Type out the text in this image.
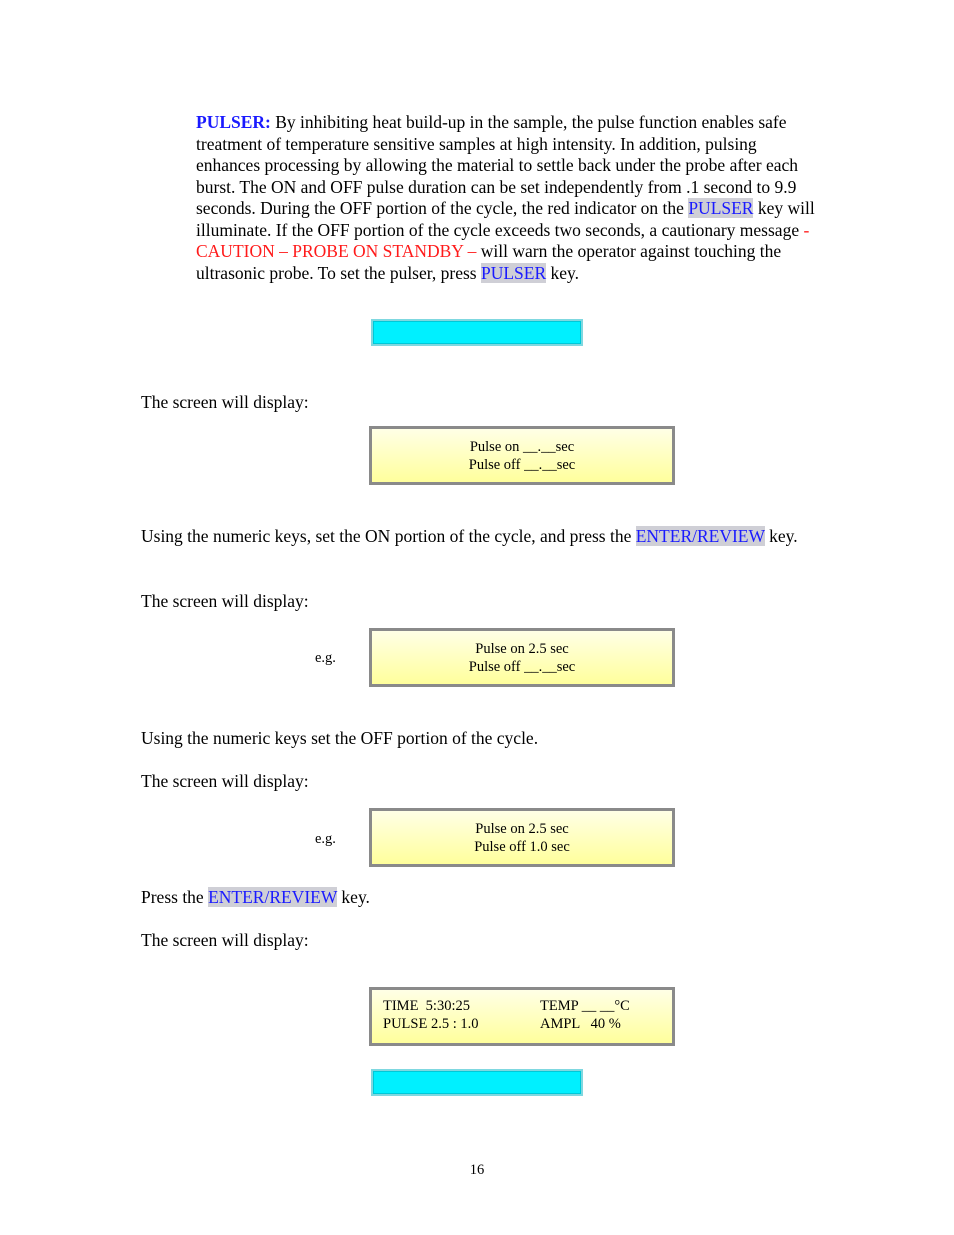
PULSER: By inhibiting heat build-up in the sample, the pulse function enables safe treatment of temperature sensitive samples at high intensity. In addition, pulsing enhances processing by allowing the material to settle back under the probe after each burst. The ON and OFF pulse duration can be set independently from .1 second to 9.9 seconds. During the OFF portion of the cycle, the red indicator on the PULSER key will illuminate. If the OFF portion of the cycle exceeds two seconds, a cautionary message - CAUTION – PROBE ON STANDBY – will warn the operator against touching the ultrasonic probe. To set the pulser, press PULSER key.
The screen will display:
Pulse on __.__sec
Pulse off __.__sec
Using the numeric keys, set the ON portion of the cycle, and press the ENTER/REVIEW key.
The screen will display:
e.g.
Pulse on 2.5 sec
Pulse off __.__sec
Using the numeric keys set the OFF portion of the cycle.
The screen will display:
e.g.
Pulse on 2.5 sec
Pulse off 1.0 sec
Press the ENTER/REVIEW key.
The screen will display:
TIME  5:30:25	TEMP __ __°C
PULSE 2.5 : 1.0	AMPL   40 %
16
